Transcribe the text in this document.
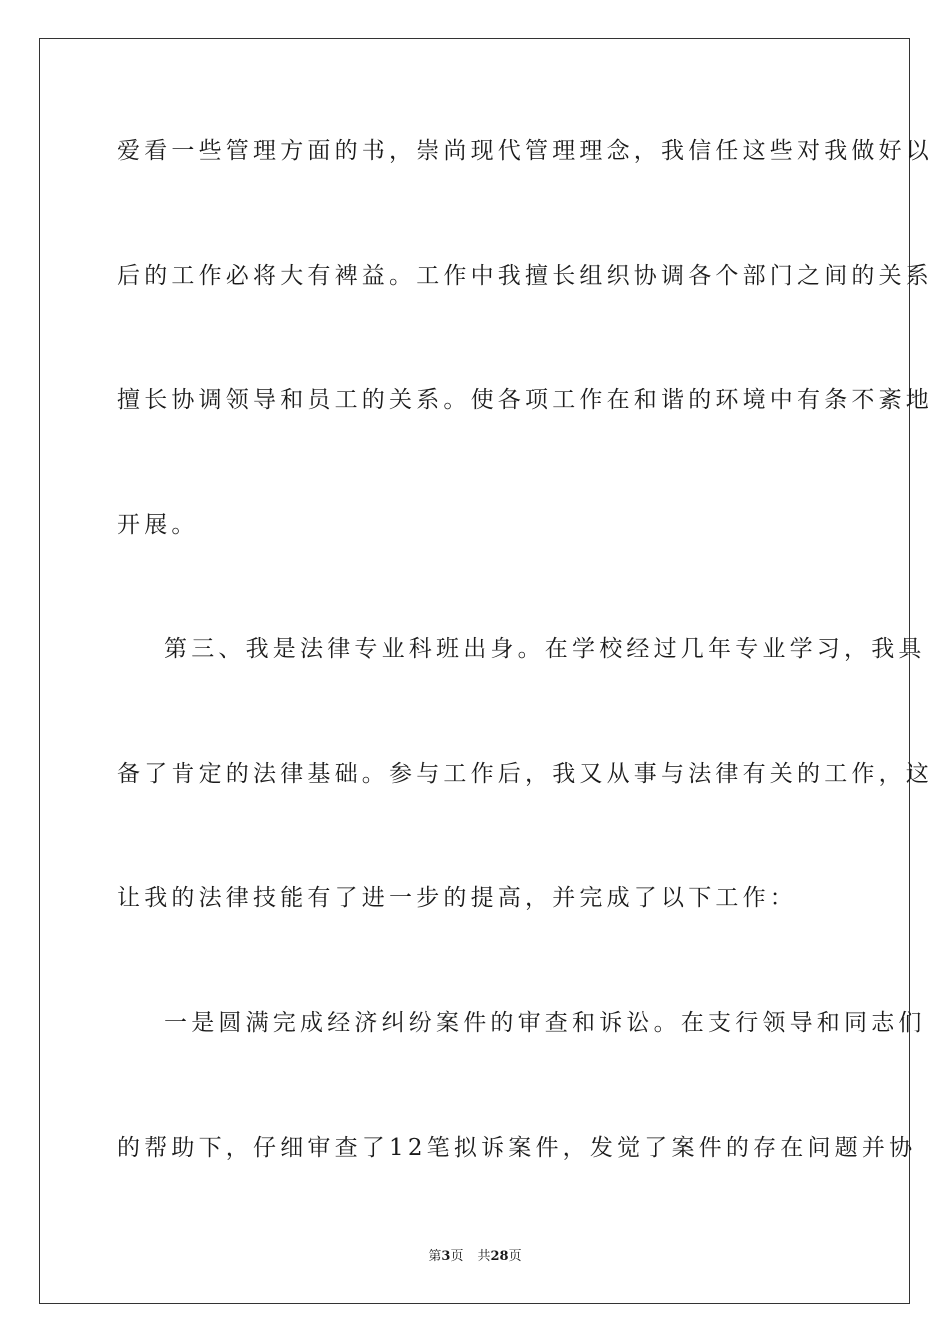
爱看一些管理方面的书，崇尚现代管理理念，我信任这些对我做好以
后的工作必将大有裨益。工作中我擅长组织协调各个部门之间的关系
擅长协调领导和员工的关系。使各项工作在和谐的环境中有条不紊地
开展。
第三、我是法律专业科班出身。在学校经过几年专业学习，我具
备了肯定的法律基础。参与工作后，我又从事与法律有关的工作，这
让我的法律技能有了进一步的提高，并完成了以下工作：
一是圆满完成经济纠纷案件的审查和诉讼。在支行领导和同志们
的帮助下，仔细审查了12笔拟诉案件，发觉了案件的存在问题并协
第3页 共28页
